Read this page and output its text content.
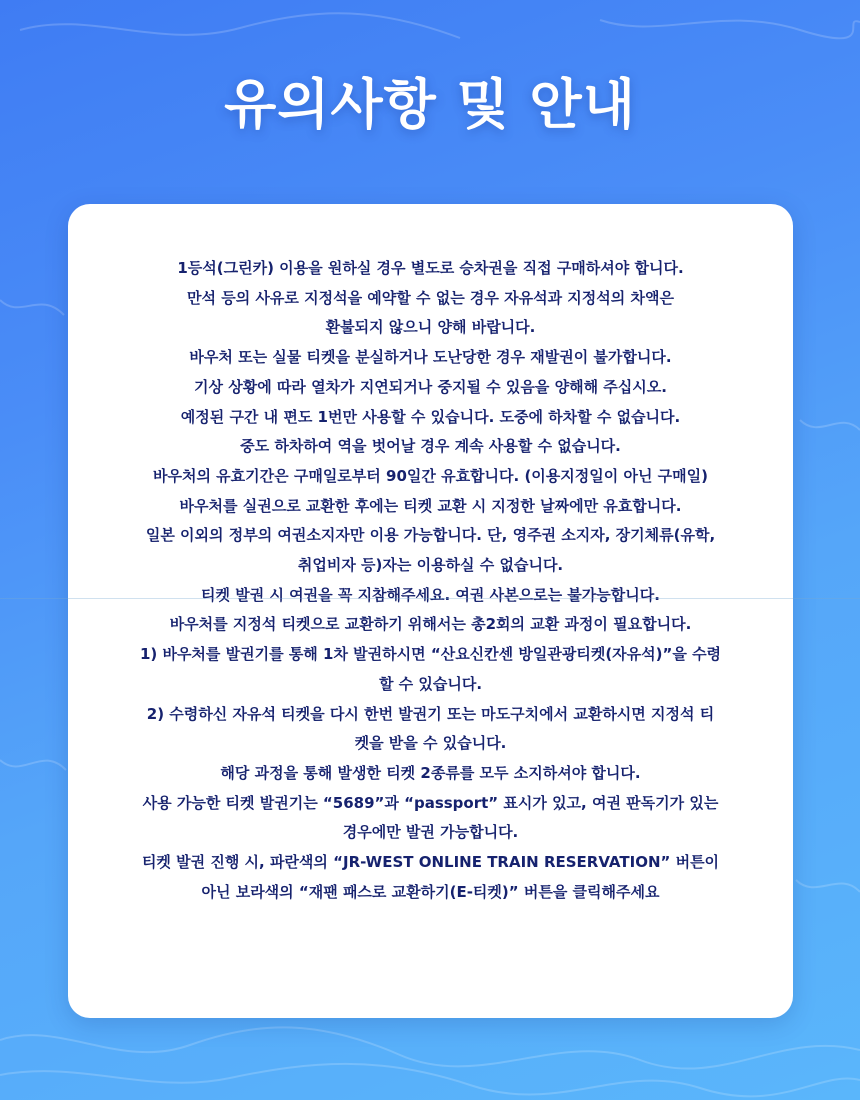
유의사항 및 안내
1등석(그린카) 이용을 원하실 경우 별도로 승차권을 직접 구매하셔야 합니다.
만석 등의 사유로 지정석을 예약할 수 없는 경우 자유석과 지정석의 차액은
환불되지 않으니 양해 바랍니다.
바우처 또는 실물 티켓을 분실하거나 도난당한 경우 재발권이 불가합니다.
기상 상황에 따라 열차가 지연되거나 중지될 수 있음을 양해해 주십시오.
예정된 구간 내 편도 1번만 사용할 수 있습니다. 도중에 하차할 수 없습니다.
중도 하차하여 역을 벗어날 경우 계속 사용할 수 없습니다.
바우처의 유효기간은 구매일로부터 90일간 유효합니다. (이용지정일이 아닌 구매일)
바우처를 실권으로 교환한 후에는 티켓 교환 시 지정한 날짜에만 유효합니다.
일본 이외의 정부의 여권소지자만 이용 가능합니다. 단, 영주권 소지자, 장기체류(유학,
취업비자 등)자는 이용하실 수 없습니다.
티켓 발권 시 여권을 꼭 지참해주세요. 여권 사본으로는 불가능합니다.
바우처를 지정석 티켓으로 교환하기 위해서는 총2회의 교환 과정이 필요합니다.
1) 바우처를 발권기를 통해 1차 발권하시면 “산요신칸센 방일관광티켓(자유석)”을 수령
할 수 있습니다.
2) 수령하신 자유석 티켓을 다시 한번 발권기 또는 마도구치에서 교환하시면 지정석 티
켓을 받을 수 있습니다.
해당 과정을 통해 발생한 티켓 2종류를 모두 소지하셔야 합니다.
사용 가능한 티켓 발권기는 “5689”과 “passport” 표시가 있고, 여권 판독기가 있는
경우에만 발권 가능합니다.
티켓 발권 진행 시, 파란색의 “JR-WEST ONLINE TRAIN RESERVATION” 버튼이
아닌 보라색의 “재팬 패스로 교환하기(E-티켓)” 버튼을 클릭해주세요
